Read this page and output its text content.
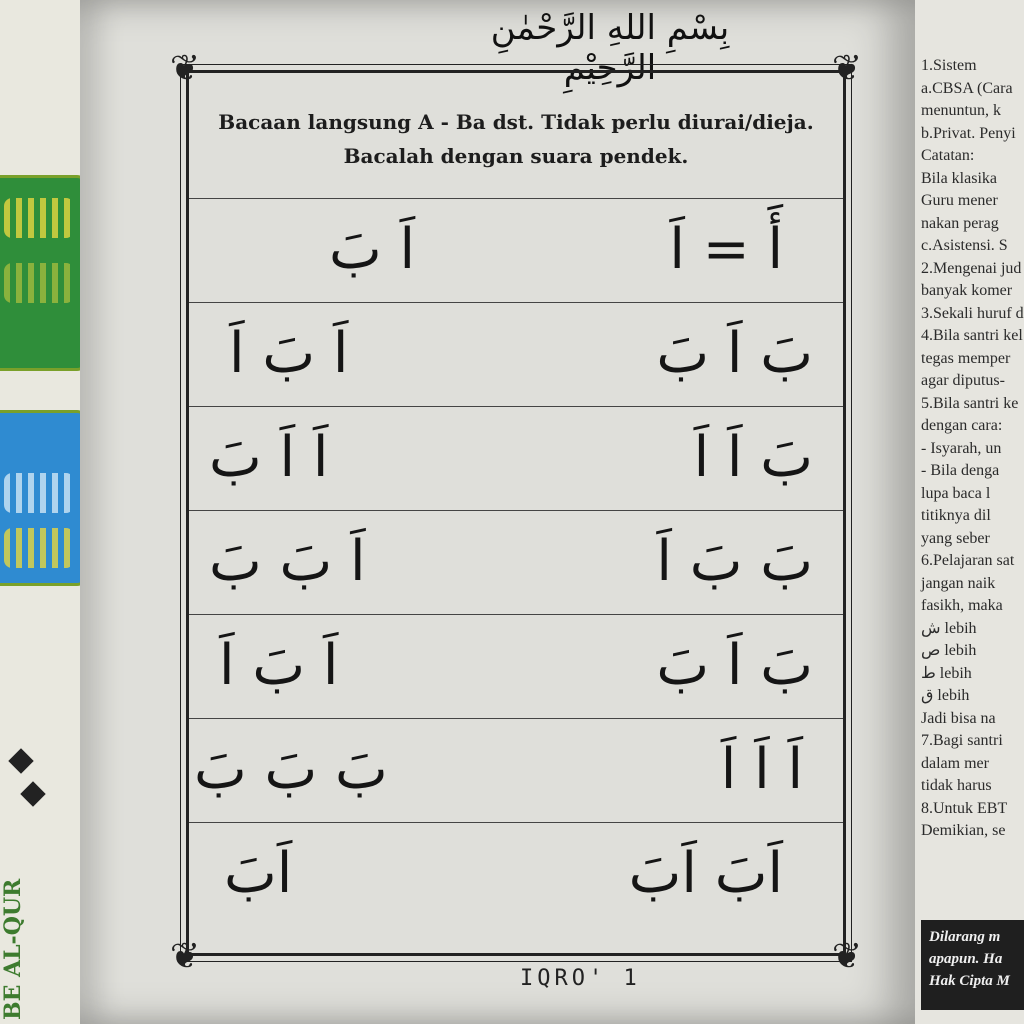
BE AL-QUR
بِسْمِ اللهِ الرَّحْمٰنِ الرَّحِيْمِ
❦	❦
❦	❦
Bacaan langsung A - Ba dst. Tidak perlu diurai/dieja.
Bacalah dengan suara pendek.
أَ = اَ
اَ بَ
بَ اَ بَ
اَ بَ اَ
بَ اَ اَ
اَ اَ بَ
بَ بَ اَ
اَ بَ بَ
بَ اَ بَ
اَ بَ اَ
اَ اَ اَ
بَ بَ بَ
اَبَ اَبَ
اَبَ
IQRO' 1
1.Sistem
a.CBSA (Cara
menuntun, k
b.Privat. Penyi
Catatan:
Bila klasika
Guru mener
nakan perag
c.Asistensi. S
2.Mengenai jud
banyak komer
3.Sekali huruf d
4.Bila santri kel
tegas memper
agar diputus-
5.Bila santri ke
dengan cara:
- Isyarah, un
- Bila denga
lupa baca l
titiknya dil
yang seber
6.Pelajaran sat
jangan naik
fasikh, maka
ش lebih
ص lebih
ط lebih
ق lebih
Jadi bisa na
7.Bagi santri
dalam mer
tidak harus
8.Untuk EBT
Demikian, se
Dilarang m
apapun. Ha
Hak Cipta M
